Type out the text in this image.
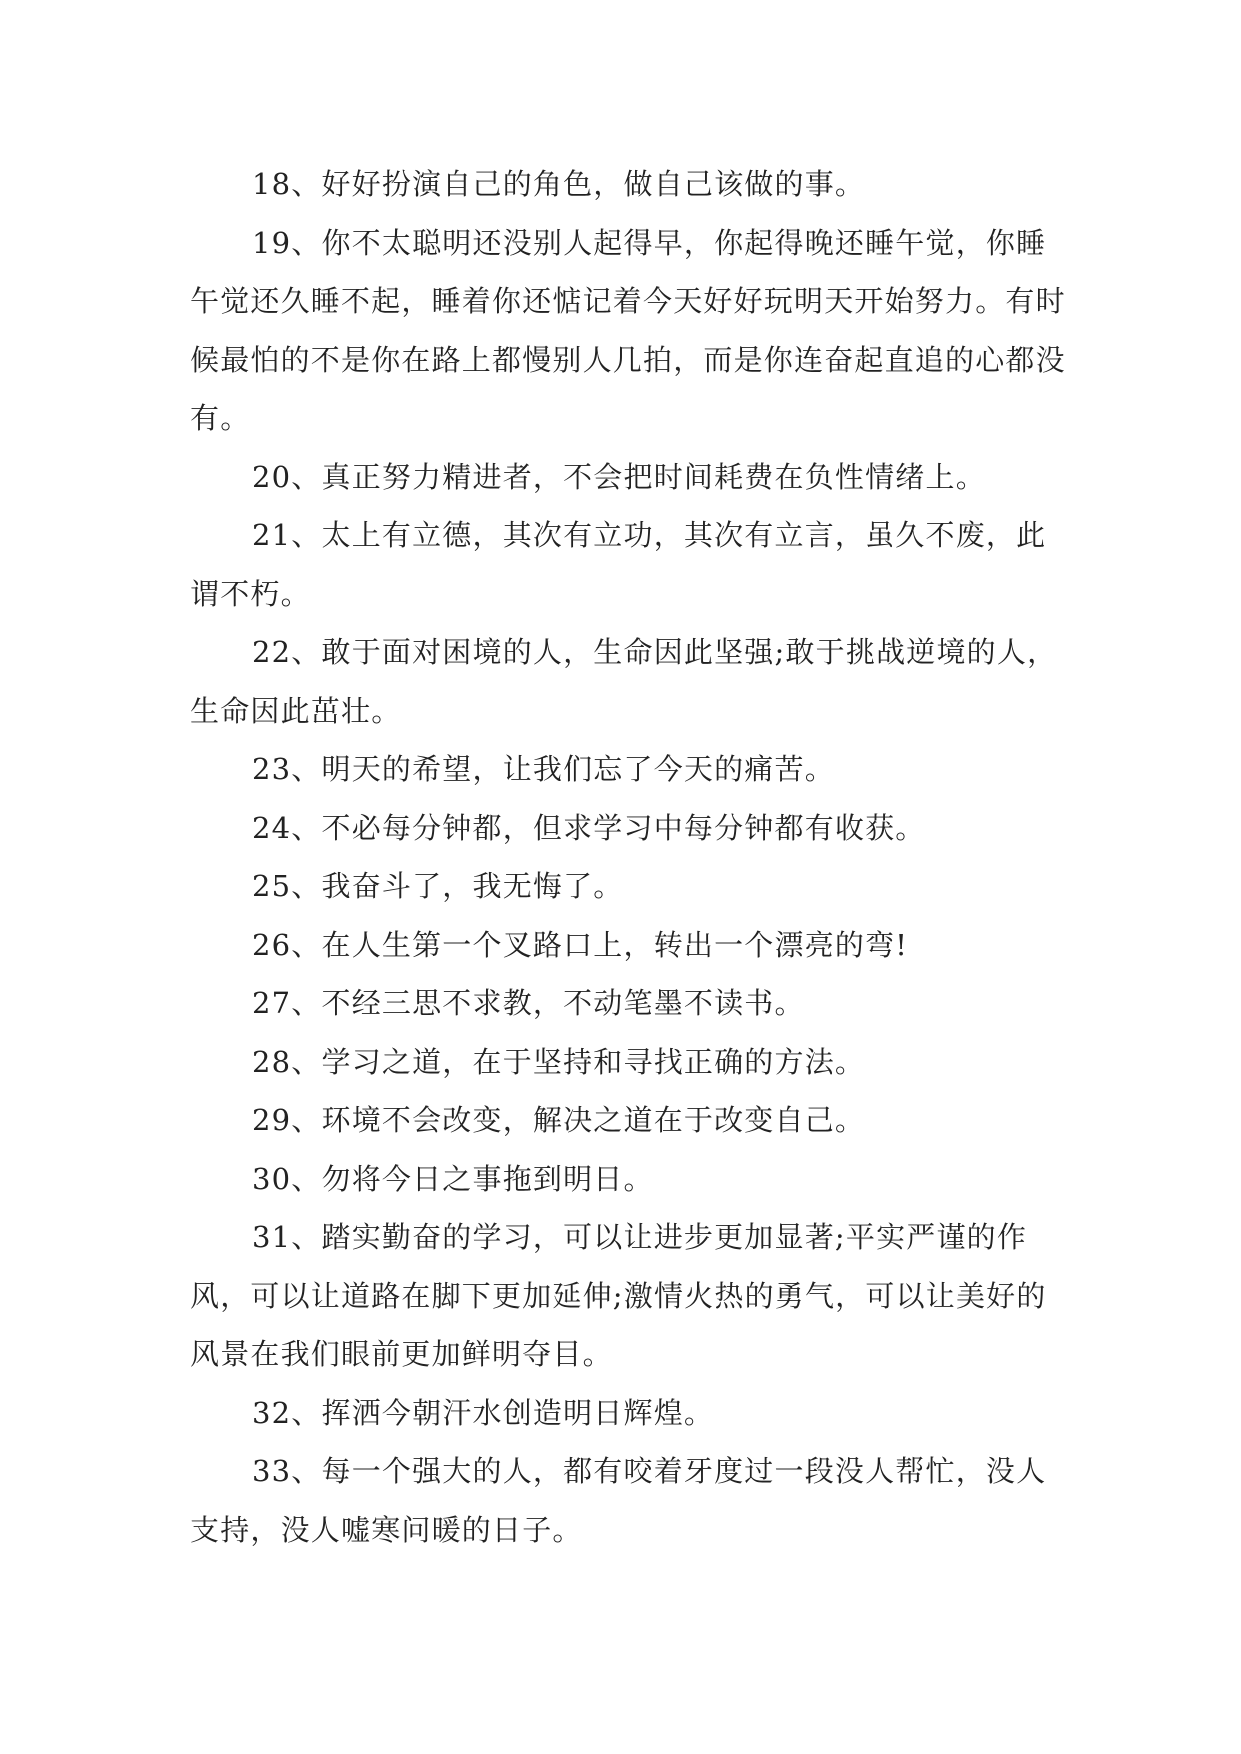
18、好好扮演自己的角色，做自己该做的事。

19、你不太聪明还没别人起得早，你起得晚还睡午觉，你睡午觉还久睡不起，睡着你还惦记着今天好好玩明天开始努力。有时候最怕的不是你在路上都慢别人几拍，而是你连奋起直追的心都没有。

20、真正努力精进者，不会把时间耗费在负性情绪上。

21、太上有立德，其次有立功，其次有立言，虽久不废，此谓不朽。

22、敢于面对困境的人，生命因此坚强;敢于挑战逆境的人，生命因此茁壮。

23、明天的希望，让我们忘了今天的痛苦。

24、不必每分钟都，但求学习中每分钟都有收获。

25、我奋斗了，我无悔了。

26、在人生第一个叉路口上，转出一个漂亮的弯!

27、不经三思不求教，不动笔墨不读书。

28、学习之道，在于坚持和寻找正确的方法。

29、环境不会改变，解决之道在于改变自己。

30、勿将今日之事拖到明日。

31、踏实勤奋的学习，可以让进步更加显著;平实严谨的作风，可以让道路在脚下更加延伸;激情火热的勇气，可以让美好的风景在我们眼前更加鲜明夺目。

32、挥洒今朝汗水创造明日辉煌。

33、每一个强大的人，都有咬着牙度过一段没人帮忙，没人支持，没人嘘寒问暖的日子。
